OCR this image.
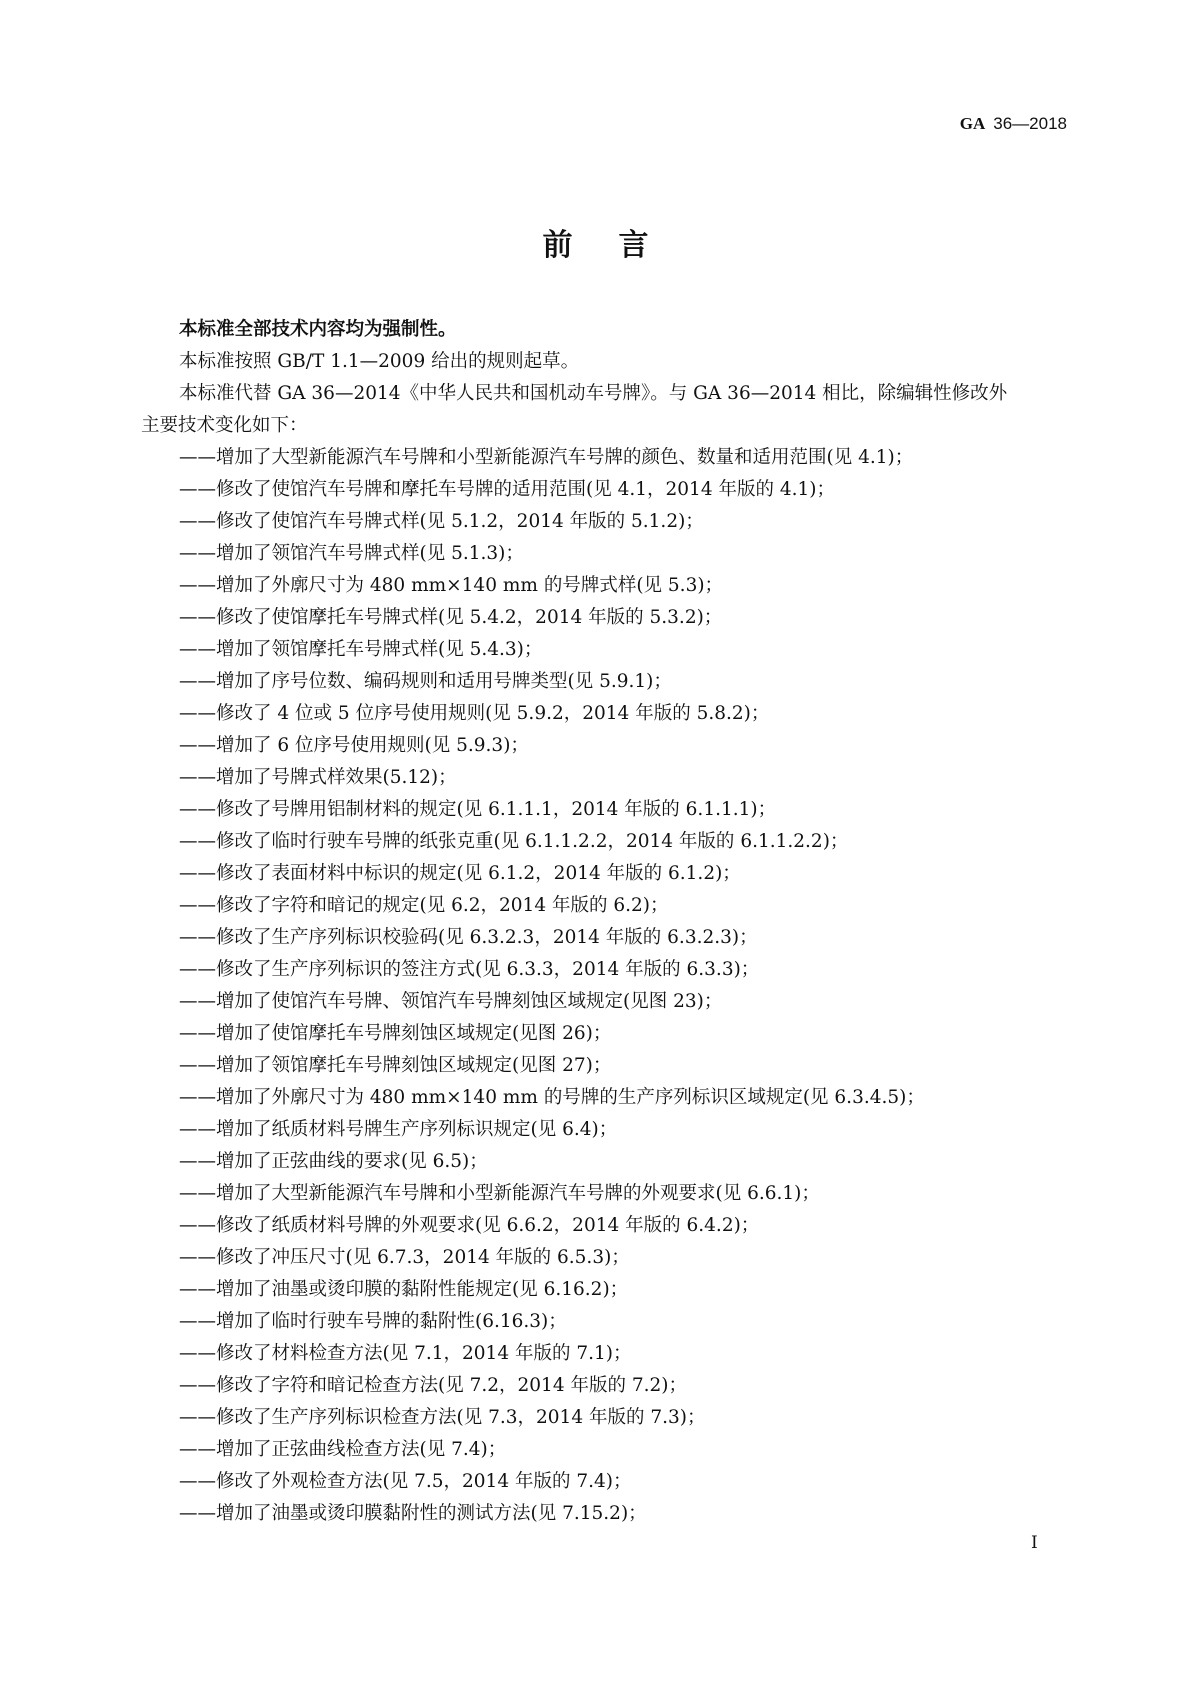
GA 36—2018
前言
本标准全部技术内容均为强制性。
本标准按照 GB/T 1.1—2009 给出的规则起草。
本标准代替 GA 36—2014《中华人民共和国机动车号牌》。与 GA 36—2014 相比，除编辑性修改外
主要技术变化如下：
——增加了大型新能源汽车号牌和小型新能源汽车号牌的颜色、数量和适用范围(见 4.1)；
——修改了使馆汽车号牌和摩托车号牌的适用范围(见 4.1，2014 年版的 4.1)；
——修改了使馆汽车号牌式样(见 5.1.2，2014 年版的 5.1.2)；
——增加了领馆汽车号牌式样(见 5.1.3)；
——增加了外廓尺寸为 480 mm×140 mm 的号牌式样(见 5.3)；
——修改了使馆摩托车号牌式样(见 5.4.2，2014 年版的 5.3.2)；
——增加了领馆摩托车号牌式样(见 5.4.3)；
——增加了序号位数、编码规则和适用号牌类型(见 5.9.1)；
——修改了 4 位或 5 位序号使用规则(见 5.9.2，2014 年版的 5.8.2)；
——增加了 6 位序号使用规则(见 5.9.3)；
——增加了号牌式样效果(5.12)；
——修改了号牌用铝制材料的规定(见 6.1.1.1，2014 年版的 6.1.1.1)；
——修改了临时行驶车号牌的纸张克重(见 6.1.1.2.2，2014 年版的 6.1.1.2.2)；
——修改了表面材料中标识的规定(见 6.1.2，2014 年版的 6.1.2)；
——修改了字符和暗记的规定(见 6.2，2014 年版的 6.2)；
——修改了生产序列标识校验码(见 6.3.2.3，2014 年版的 6.3.2.3)；
——修改了生产序列标识的签注方式(见 6.3.3，2014 年版的 6.3.3)；
——增加了使馆汽车号牌、领馆汽车号牌刻蚀区域规定(见图 23)；
——增加了使馆摩托车号牌刻蚀区域规定(见图 26)；
——增加了领馆摩托车号牌刻蚀区域规定(见图 27)；
——增加了外廓尺寸为 480 mm×140 mm 的号牌的生产序列标识区域规定(见 6.3.4.5)；
——增加了纸质材料号牌生产序列标识规定(见 6.4)；
——增加了正弦曲线的要求(见 6.5)；
——增加了大型新能源汽车号牌和小型新能源汽车号牌的外观要求(见 6.6.1)；
——修改了纸质材料号牌的外观要求(见 6.6.2，2014 年版的 6.4.2)；
——修改了冲压尺寸(见 6.7.3，2014 年版的 6.5.3)；
——增加了油墨或烫印膜的黏附性能规定(见 6.16.2)；
——增加了临时行驶车号牌的黏附性(6.16.3)；
——修改了材料检查方法(见 7.1，2014 年版的 7.1)；
——修改了字符和暗记检查方法(见 7.2，2014 年版的 7.2)；
——修改了生产序列标识检查方法(见 7.3，2014 年版的 7.3)；
——增加了正弦曲线检查方法(见 7.4)；
——修改了外观检查方法(见 7.5，2014 年版的 7.4)；
——增加了油墨或烫印膜黏附性的测试方法(见 7.15.2)；
I
